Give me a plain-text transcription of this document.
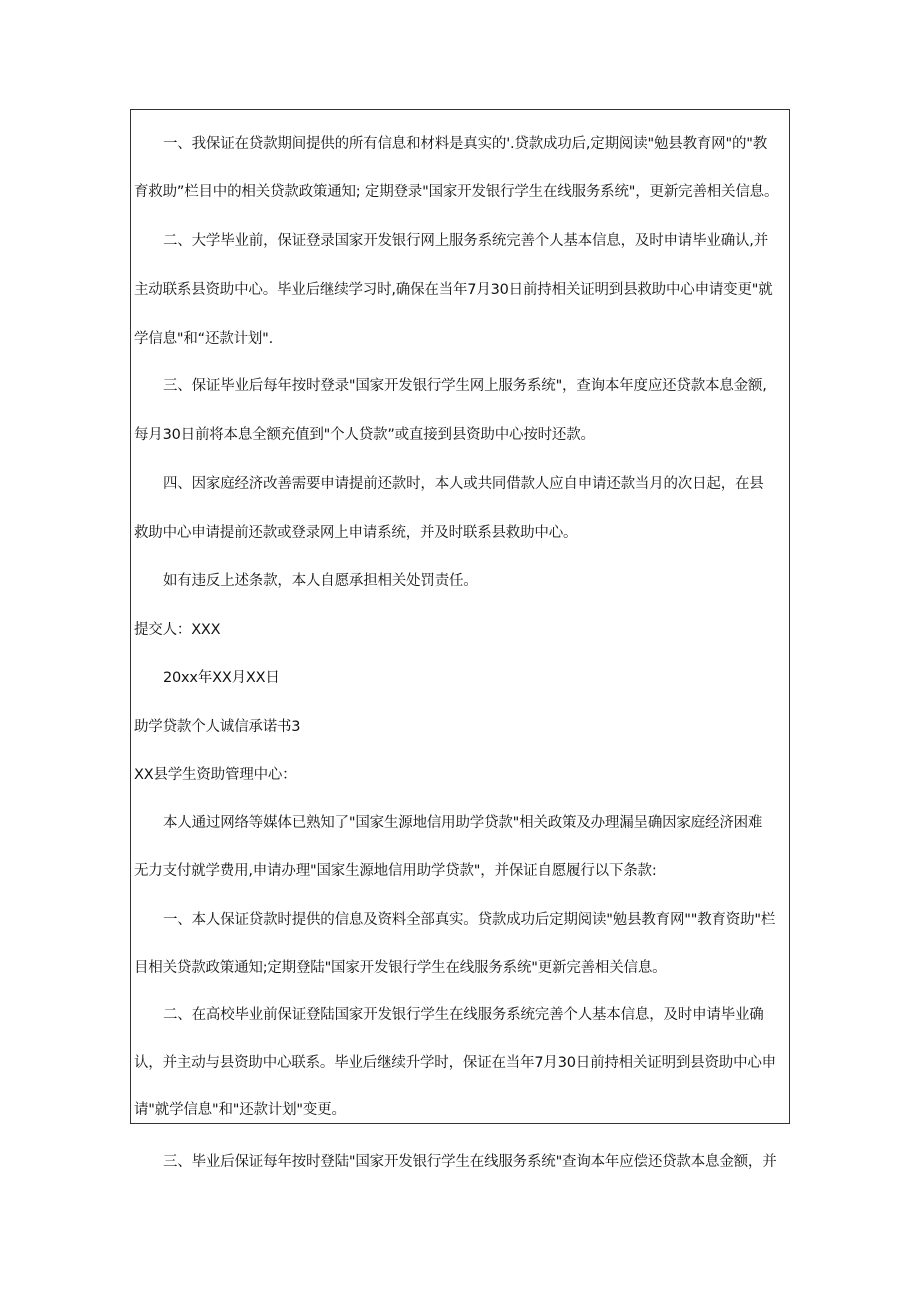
一、我保证在贷款期间提供的所有信息和材料是真实的'.贷款成功后,定期阅读"勉县教育网"的"教
育救助”栏目中的相关贷款政策通知; 定期登录"国家开发银行学生在线服务系统"，更新完善相关信息。
二、大学毕业前，保证登录国家开发银行网上服务系统完善个人基本信息，及时申请毕业确认,并
主动联系县资助中心。毕业后继续学习时,确保在当年7月30日前持相关证明到县救助中心申请变更"就
学信息"和“还款计划".
三、保证毕业后每年按时登录"国家开发银行学生网上服务系统"，查询本年度应还贷款本息金额,
每月30日前将本息全额充值到"个人贷款”或直接到县资助中心按时还款。
四、因家庭经济改善需要申请提前还款时，本人或共同借款人应自申请还款当月的次日起，在县
救助中心申请提前还款或登录网上申请系统，并及时联系县救助中心。
如有违反上述条款，本人自愿承担相关处罚责任。
提交人：XXX
20xx年XX月XX日
助学贷款个人诚信承诺书3
XX县学生资助管理中心：
本人通过网络等媒体已熟知了"国家生源地信用助学贷款"相关政策及办理漏呈确因家庭经济困难
无力支付就学费用,申请办理"国家生源地信用助学贷款"，并保证自愿履行以下条款:
一、本人保证贷款时提供的信息及资料全部真实。贷款成功后定期阅读"勉县教育网""教育资助"栏
目相关贷款政策通知;定期登陆"国家开发银行学生在线服务系统"更新完善相关信息。
二、在高校毕业前保证登陆国家开发银行学生在线服务系统完善个人基本信息，及时申请毕业确
认，并主动与县资助中心联系。毕业后继续升学时，保证在当年7月30日前持相关证明到县资助中心申
请"就学信息"和"还款计划"变更。
三、毕业后保证每年按时登陆"国家开发银行学生在线服务系统"查询本年应偿还贷款本息金额，并
